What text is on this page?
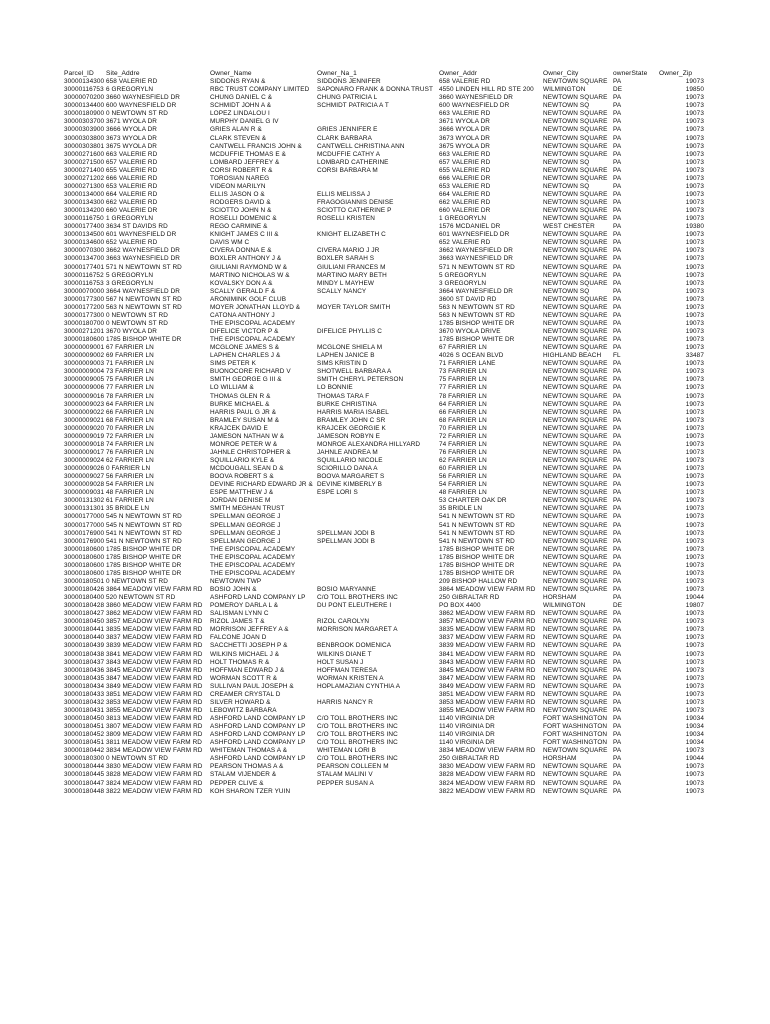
Parcel_ID	Site_Addre	Owner_Name	Owner_Na_1	Owner_Addr	Owner_City	ownerState	Owner_Zip
30000134300	658 VALERIE RD	SIDDONS RYAN &	SIDDONS JENNIFER	658 VALERIE RD	NEWTOWN SQUARE	PA	19073
30000116753	6 GREGORYLN	RBC TRUST COMPANY LIMITED	SAPONARO FRANK & DONNA TRUST	4550 LINDEN HILL RD STE 200	WILMINGTON	DE	19850
30000070200	3660 WAYNESFIELD DR	CHUNG DANIEL C &	CHUNG PATRICIA L	3660 WAYNESFIELD DR	NEWTOWN SQUARE	PA	19073
30000134400	600 WAYNESFIELD DR	SCHMIDT JOHN A &	SCHMIDT PATRICIA A T	600 WAYNESFIELD DR	NEWTOWN SQ	PA	19073
30000180900	0 NEWTOWN ST RD	LOPEZ LINDALOU I		663 VALERIE RD	NEWTOWN SQUARE	PA	19073
30000303700	3671 WYOLA DR	MURPHY DANIEL G IV		3671 WYOLA DR	NEWTOWN SQUARE	PA	19073
30000303900	3666 WYOLA DR	GRIES ALAN R &	GRIES JENNIFER E	3666 WYOLA DR	NEWTOWN SQUARE	PA	19073
30000303800	3673 WYOLA DR	CLARK STEVEN &	CLARK BARBARA	3673 WYOLA DR	NEWTOWN SQUARE	PA	19073
30000303801	3675 WYOLA DR	CANTWELL FRANCIS JOHN &	CANTWELL CHRISTINA ANN	3675 WYOLA DR	NEWTOWN SQUARE	PA	19073
30000271600	663 VALERIE RD	MCDUFFIE THOMAS E &	MCDUFFIE CATHY A	663 VALERIE RD	NEWTOWN SQUARE	PA	19073
30000271500	657 VALERIE RD	LOMBARD JEFFREY &	LOMBARD CATHERINE	657 VALERIE RD	NEWTOWN SQ	PA	19073
30000271400	655 VALERIE RD	CORSI ROBERT R &	CORSI BARBARA M	655 VALERIE RD	NEWTOWN SQUARE	PA	19073
30000271202	666 VALERIE RD	TOROSIAN NAREG		666 VALERIE DR	NEWTOWN SQUARE	PA	19073
30000271300	653 VALERIE RD	VIDEON MARILYN		653 VALERIE RD	NEWTOWN SQ	PA	19073
30000134000	664 VALERIE RD	ELLIS JASON O &	ELLIS MELISSA J	664 VALERIE RD	NEWTOWN SQUARE	PA	19073
30000134300	662 VALERIE RD	RODGERS DAVID &	FRAGOGIANNIS DENISE	662 VALERIE RD	NEWTOWN SQUARE	PA	19073
30000134200	660 VALERIE DR	SCIOTTO JOHN N &	SCIOTTO CATHERINE P	660 VALERIE DR	NEWTOWN SQUARE	PA	19073
30000116750	1 GREGORYLN	ROSELLI DOMENIC &	ROSELLI KRISTEN	1 GREGORYLN	NEWTOWN SQUARE	PA	19073
30000177400	3634 ST DAVIDS RD	REGO CARMINE &		1576 MCDANIEL DR	WEST CHESTER	PA	19380
30000134500	601 WAYNESFIELD DR	KNIGHT JAMES C III &	KNIGHT ELIZABETH C	601 WAYNESFIELD DR	NEWTOWN SQUARE	PA	19073
30000134600	652 VALERIE RD	DAVIS WM C		652 VALERIE RD	NEWTOWN SQUARE	PA	19073
30000070300	3662 WAYNESFIELD DR	CIVERA DONNA E &	CIVERA MARIO J JR	3662 WAYNESFIELD DR	NEWTOWN SQUARE	PA	19073
30000134700	3663 WAYNESFIELD DR	BOXLER ANTHONY J &	BOXLER SARAH S	3663 WAYNESFIELD DR	NEWTOWN SQUARE	PA	19073
30000177401	571 N NEWTOWN ST RD	GIULIANI RAYMOND W &	GIULIANI FRANCES M	571 N NEWTOWN ST RD	NEWTOWN SQUARE	PA	19073
30000116752	5 GREGORYLN	MARTINO NICHOLAS W &	MARTINO MARY BETH	5 GREGORYLN	NEWTOWN SQUARE	PA	19073
30000116753	3 GREGORYLN	KOVALSKY DON A &	MINDY L MAYHEW	3 GREGORYLN	NEWTOWN SQUARE	PA	19073
30000070000	3664 WAYNESFIELD DR	SCALLY GERALD F &	SCALLY NANCY	3664 WAYNESFIELD DR	NEWTOWN SQ	PA	19073
30000177300	567 N NEWTOWN ST RD	ARONIMINK GOLF CLUB		3600 ST DAVID RD	NEWTOWN SQUARE	PA	19073
30000177200	563 N NEWTOWN ST RD	MOYER JONATHAN LLOYD &	MOYER TAYLOR SMITH	563 N NEWTOWN ST RD	NEWTOWN SQUARE	PA	19073
30000177300	0 NEWTOWN ST RD	CATONA ANTHONY J		563 N NEWTOWN ST RD	NEWTOWN SQUARE	PA	19073
30000180700	0 NEWTOWN ST RD	THE EPISCOPAL ACADEMY		1785 BISHOP WHITE DR	NEWTOWN SQUARE	PA	19073
30000271201	3670 WYOLA DR	DIFELICE VICTOR P &	DIFELICE PHYLLIS C	3670 WYOLA DRIVE	NEWTOWN SQUARE	PA	19073
30000180600	1785 BISHOP WHITE DR	THE EPISCOPAL ACADEMY		1785 BISHOP WHITE DR	NEWTOWN SQUARE	PA	19073
30000009001	67 FARRIER LN	MCGLONE JAMES S &	MCGLONE SHIELA M	67 FARRIER LN	NEWTOWN SQUARE	PA	19073
30000009002	69 FARRIER LN	LAPHEN CHARLES J &	LAPHEN JANICE B	4026 S OCEAN BLVD	HIGHLAND BEACH	FL	33487
30000009003	71 FARRIER LN	SIMS PETER K	SIMS KRISTIN D	71 FARRIER LANE	NEWTOWN SQUARE	PA	19073
30000009004	73 FARRIER LN	BUONOCORE RICHARD V	SHOTWELL BARBARA A	73 FARRIER LN	NEWTOWN SQUARE	PA	19073
30000009005	75 FARRIER LN	SMITH GEORGE G III &	SMITH CHERYL PETERSON	75 FARRIER LN	NEWTOWN SQUARE	PA	19073
30000009006	77 FARRIER LN	LO WILLIAM &	LO BONNIE	77 FARRIER LN	NEWTOWN SQUARE	PA	19073
30000009016	78 FARRIER LN	THOMAS GLEN R &	THOMAS TARA F	78 FARRIER LN	NEWTOWN SQUARE	PA	19073
30000009023	64 FARRIER LN	BURKE MICHAEL &	BURKE CHRISTINA	64 FARRIER LN	NEWTOWN SQUARE	PA	19073
30000009022	66 FARRIER LN	HARRIS PAUL G JR &	HARRIS MARIA ISABEL	66 FARRIER LN	NEWTOWN SQUARE	PA	19073
30000009021	68 FARRIER LN	BRAMLEY SUSAN M &	BRAMLEY JOHN C SR	68 FARRIER LN	NEWTOWN SQUARE	PA	19073
30000009020	70 FARRIER LN	KRAJCEK DAVID E	KRAJCEK GEORGIE K	70 FARRIER LN	NEWTOWN SQUARE	PA	19073
30000009019	72 FARRIER LN	JAMESON NATHAN W &	JAMESON ROBYN E	72 FARRIER LN	NEWTOWN SQUARE	PA	19073
30000009018	74 FARRIER LN	MONROE PETER W &	MONROE ALEXANDRA HILLYARD	74 FARRIER LN	NEWTOWN SQUARE	PA	19073
30000009017	76 FARRIER LN	JAHNLE CHRISTOPHER &	JAHNLE ANDREA M	76 FARRIER LN	NEWTOWN SQUARE	PA	19073
30000009024	62 FARRIER LN	SQUILLARIO KYLE &	SQUILLARIO NICOLE	62 FARRIER LN	NEWTOWN SQUARE	PA	19073
30000009026	0 FARRIER LN	MCDOUGALL SEAN D &	SCIORILLO DANA A	60 FARRIER LN	NEWTOWN SQUARE	PA	19073
30000009027	56 FARRIER LN	BOOVA ROBERT S &	BOOVA MARGARET S	56 FARRIER LN	NEWTOWN SQUARE	PA	19073
30000009028	54 FARRIER LN	DEVINE RICHARD EDWARD JR &	DEVINE KIMBERLY B	54 FARRIER LN	NEWTOWN SQUARE	PA	19073
30000009031	48 FARRIER LN	ESPE MATTHEW J &	ESPE LORI S	48 FARRIER LN	NEWTOWN SQUARE	PA	19073
30000131302	61 FARRIER LN	JORDAN DENISE M		53 CHARTER OAK DR	NEWTOWN SQUARE	PA	19073
30000131301	35 BRIDLE LN	SMITH MEGHAN TRUST		35 BRIDLE LN	NEWTOWN SQUARE	PA	19073
30000177000	545 N NEWTOWN ST RD	SPELLMAN GEORGE J		541 N NEWTOWN ST RD	NEWTOWN SQUARE	PA	19073
30000177000	545 N NEWTOWN ST RD	SPELLMAN GEORGE J		541 N NEWTOWN ST RD	NEWTOWN SQUARE	PA	19073
30000176900	541 N NEWTOWN ST RD	SPELLMAN GEORGE J	SPELLMAN JODI B	541 N NEWTOWN ST RD	NEWTOWN SQUARE	PA	19073
30000176900	541 N NEWTOWN ST RD	SPELLMAN GEORGE J	SPELLMAN JODI B	541 N NEWTOWN ST RD	NEWTOWN SQUARE	PA	19073
30000180600	1785 BISHOP WHITE DR	THE EPISCOPAL ACADEMY		1785 BISHOP WHITE DR	NEWTOWN SQUARE	PA	19073
30000180600	1785 BISHOP WHITE DR	THE EPISCOPAL ACADEMY		1785 BISHOP WHITE DR	NEWTOWN SQUARE	PA	19073
30000180600	1785 BISHOP WHITE DR	THE EPISCOPAL ACADEMY		1785 BISHOP WHITE DR	NEWTOWN SQUARE	PA	19073
30000180600	1785 BISHOP WHITE DR	THE EPISCOPAL ACADEMY		1785 BISHOP WHITE DR	NEWTOWN SQUARE	PA	19073
30000180501	0 NEWTOWN ST RD	NEWTOWN TWP		209 BISHOP HALLOW RD	NEWTOWN SQUARE	PA	19073
30000180426	3864 MEADOW VIEW FARM RD	BOSIO JOHN &	BOSIO MARYANNE	3864 MEADOW VIEW FARM RD	NEWTOWN SQUARE	PA	19073
30000180400	520 NEWTOWN ST RD	ASHFORD LAND COMPANY LP	C/O TOLL BROTHERS INC	250 GIBRALTAR RD	HORSHAM	PA	19044
30000180428	3860 MEADOW VIEW FARM RD	POMEROY DARLA L &	DU PONT ELEUTHERE I	PO BOX 4400	WILMINGTON	DE	19807
30000180427	3862 MEADOW VIEW FARM RD	SALISMAN LYNN C		3862 MEADOW VIEW FARM RD	NEWTOWN SQUARE	PA	19073
30000180450	3857 MEADOW VIEW FARM RD	RIZOL JAMES T &	RIZOL CAROLYN	3857 MEADOW VIEW FARM RD	NEWTOWN SQUARE	PA	19073
30000180441	3835 MEADOW VIEW FARM RD	MORRISON JEFFREY A &	MORRISON MARGARET A	3835 MEADOW VIEW FARM RD	NEWTOWN SQUARE	PA	19073
30000180440	3837 MEADOW VIEW FARM RD	FALCONE JOAN D		3837 MEADOW VIEW FARM RD	NEWTOWN SQUARE	PA	19073
30000180439	3839 MEADOW VIEW FARM RD	SACCHETTI JOSEPH P &	BENBROOK DOMENICA	3839 MEADOW VIEW FARM RD	NEWTOWN SQUARE	PA	19073
30000180438	3841 MEADOW VIEW FARM RD	WILKINS MICHAEL J &	WILKINS DIANE T	3841 MEADOW VIEW FARM RD	NEWTOWN SQUARE	PA	19073
30000180437	3843 MEADOW VIEW FARM RD	HOLT THOMAS R &	HOLT SUSAN J	3843 MEADOW VIEW FARM RD	NEWTOWN SQUARE	PA	19073
30000180436	3845 MEADOW VIEW FARM RD	HOFFMAN EDWARD J &	HOFFMAN TERESA	3845 MEADOW VIEW FARM RD	NEWTOWN SQUARE	PA	19073
30000180435	3847 MEADOW VIEW FARM RD	WORMAN SCOTT R &	WORMAN KRISTEN A	3847 MEADOW VIEW FARM RD	NEWTOWN SQUARE	PA	19073
30000180434	3849 MEADOW VIEW FARM RD	SULLIVAN PAUL JOSEPH &	HOPLAMAZIAN CYNTHIA A	3849 MEADOW VIEW FARM RD	NEWTOWN SQUARE	PA	19073
30000180433	3851 MEADOW VIEW FARM RD	CREAMER CRYSTAL D		3851 MEADOW VIEW FARM RD	NEWTOWN SQUARE	PA	19073
30000180432	3853 MEADOW VIEW FARM RD	SILVER HOWARD &	HARRIS NANCY R	3853 MEADOW VIEW FARM RD	NEWTOWN SQUARE	PA	19073
30000180431	3855 MEADOW VIEW FARM RD	LEBOWITZ BARBARA		3855 MEADOW VIEW FARM RD	NEWTOWN SQUARE	PA	19073
30000180450	3813 MEADOW VIEW FARM RD	ASHFORD LAND COMPANY LP	C/O TOLL BROTHERS INC	1140 VIRGINIA DR	FORT WASHINGTON	PA	19034
30000180451	3807 MEADOW VIEW FARM RD	ASHFORD LAND COMPANY LP	C/O TOLL BROTHERS INC	1140 VIRGINIA DR	FORT WASHINGTON	PA	19034
30000180452	3809 MEADOW VIEW FARM RD	ASHFORD LAND COMPANY LP	C/O TOLL BROTHERS INC	1140 VIRGINIA DR	FORT WASHINGTON	PA	19034
30000180451	3811 MEADOW VIEW FARM RD	ASHFORD LAND COMPANY LP	C/O TOLL BROTHERS INC	1140 VIRGINIA DR	FORT WASHINGTON	PA	19034
30000180442	3834 MEADOW VIEW FARM RD	WHITEMAN THOMAS A &	WHITEMAN LORI B	3834 MEADOW VIEW FARM RD	NEWTOWN SQUARE	PA	19073
30000180300	0 NEWTOWN ST RD	ASHFORD LAND COMPANY LP	C/O TOLL BROTHERS INC	250 GIBRALTAR RD	HORSHAM	PA	19044
30000180444	3830 MEADOW VIEW FARM RD	PEARSON THOMAS A &	PEARSON COLLEEN M	3830 MEADOW VIEW FARM RD	NEWTOWN SQUARE	PA	19073
30000180445	3828 MEADOW VIEW FARM RD	STALAM VIJENDER &	STALAM MALINI V	3828 MEADOW VIEW FARM RD	NEWTOWN SQUARE	PA	19073
30000180447	3824 MEADOW VIEW FARM RD	PEPPER CLIVE &	PEPPER SUSAN A	3824 MEADOW VIEW FARM RD	NEWTOWN SQUARE	PA	19073
30000180448	3822 MEADOW VIEW FARM RD	KOH SHARON TZER YUIN		3822 MEADOW VIEW FARM RD	NEWTOWN SQUARE	PA	19073
